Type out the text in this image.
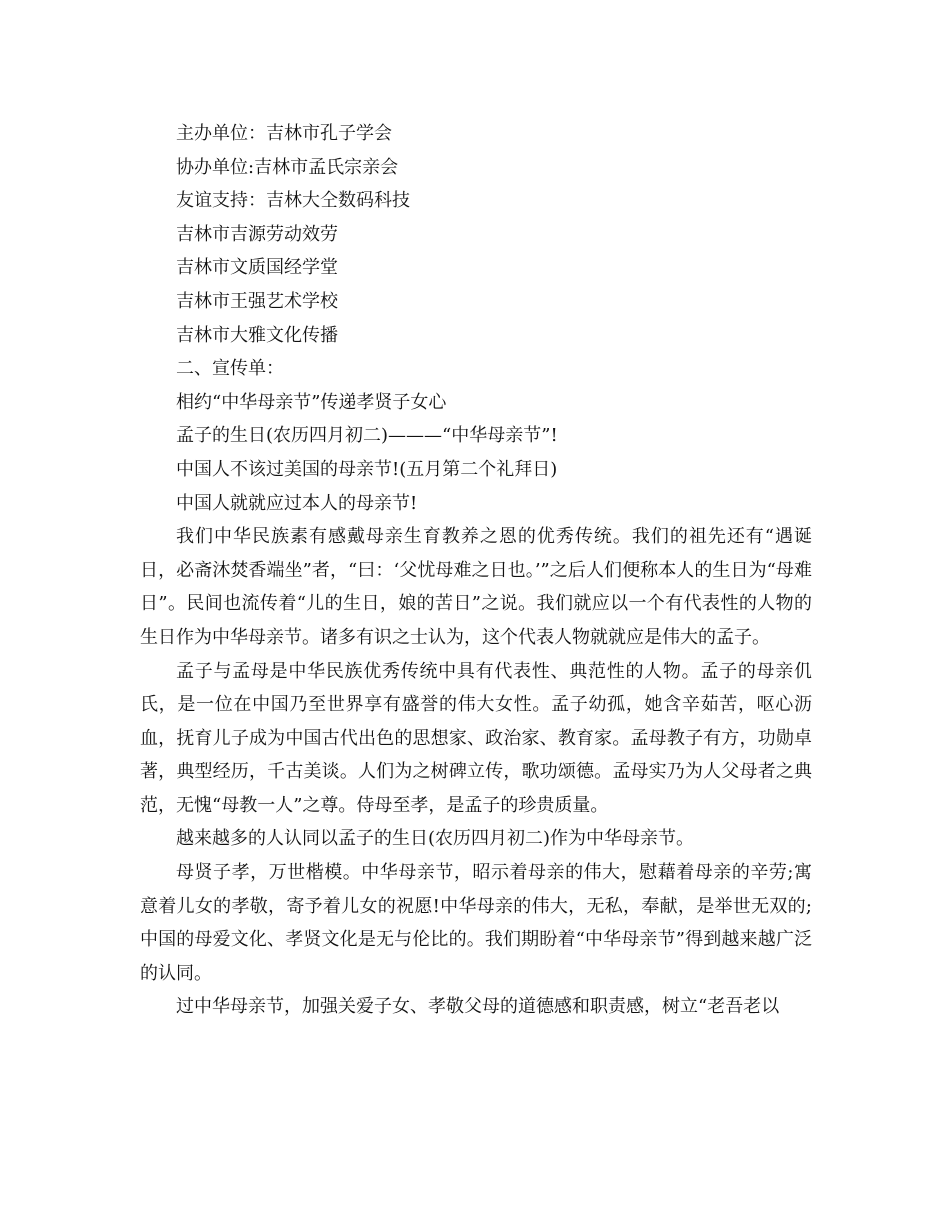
主办单位：吉林市孔子学会

协办单位:吉林市孟氏宗亲会

友谊支持：吉林大仝数码科技

吉林市吉源劳动效劳

吉林市文质国经学堂

吉林市王强艺术学校

吉林市大雅文化传播

二、宣传单：

相约“中华母亲节”传递孝贤子女心

孟子的生日(农历四月初二)———“中华母亲节”!

中国人不该过美国的母亲节!(五月第二个礼拜日)

中国人就就应过本人的母亲节!

我们中华民族素有感戴母亲生育教养之恩的优秀传统。我们的祖先还有“遇诞日，必斋沐焚香端坐”者，“曰：‘父忧母难之日也。’”之后人们便称本人的生日为“母难日”。民间也流传着“儿的生日，娘的苦日”之说。我们就应以一个有代表性的人物的生日作为中华母亲节。诸多有识之士认为，这个代表人物就就应是伟大的孟子。

孟子与孟母是中华民族优秀传统中具有代表性、典范性的人物。孟子的母亲仉氏，是一位在中国乃至世界享有盛誉的伟大女性。孟子幼孤，她含辛茹苦，呕心沥血，抚育儿子成为中国古代出色的思想家、政治家、教育家。孟母教子有方，功勋卓著，典型经历，千古美谈。人们为之树碑立传，歌功颂德。孟母实乃为人父母者之典范，无愧“母教一人”之尊。侍母至孝，是孟子的珍贵质量。

越来越多的人认同以孟子的生日(农历四月初二)作为中华母亲节。

母贤子孝，万世楷模。中华母亲节，昭示着母亲的伟大，慰藉着母亲的辛劳;寓意着儿女的孝敬，寄予着儿女的祝愿!中华母亲的伟大，无私，奉献，是举世无双的;中国的母爱文化、孝贤文化是无与伦比的。我们期盼着“中华母亲节”得到越来越广泛的认同。

过中华母亲节，加强关爱子女、孝敬父母的道德感和职责感，树立“老吾老以
